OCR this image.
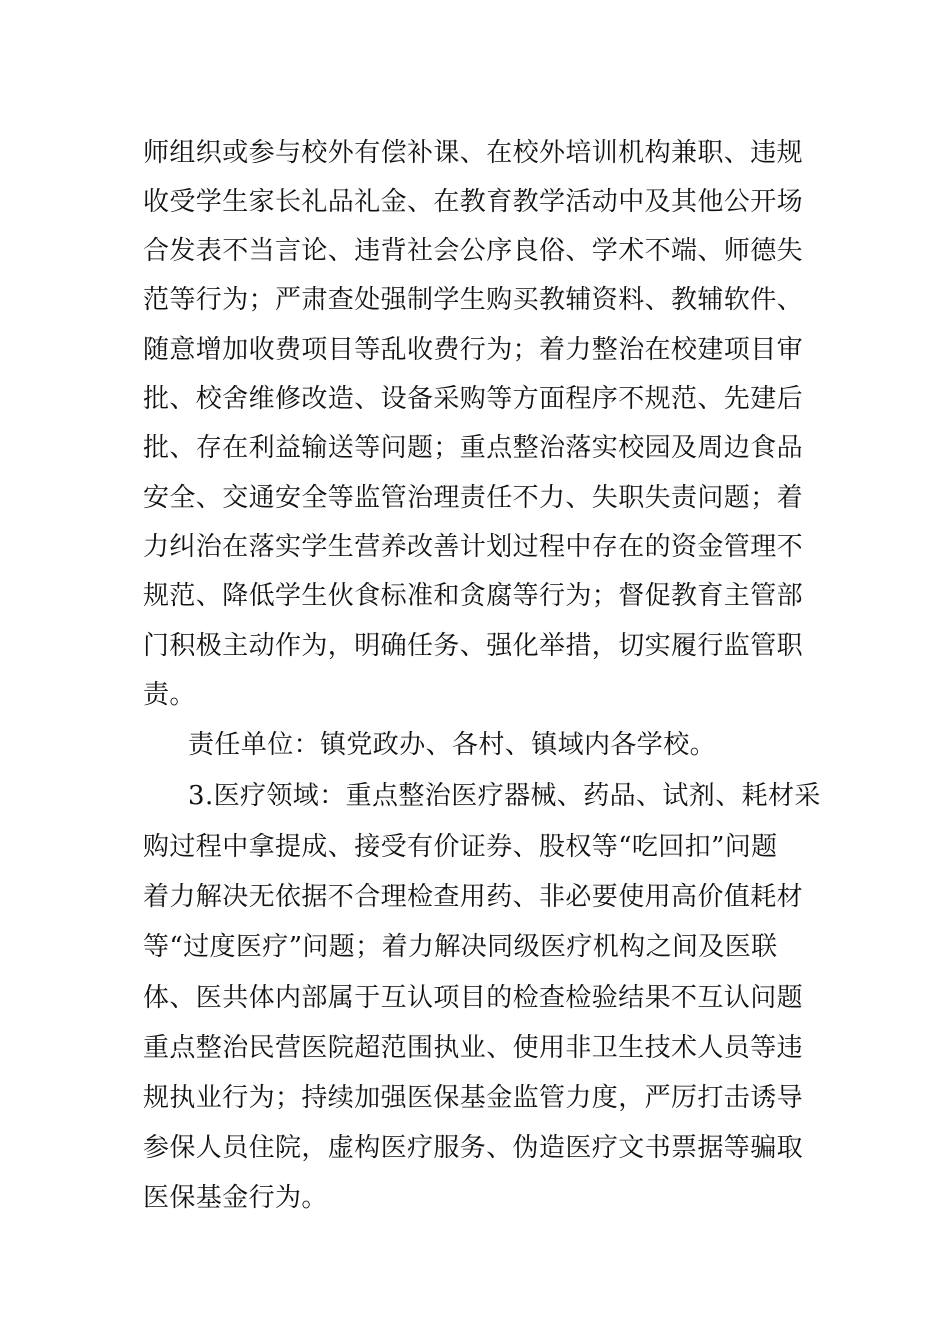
师组织或参与校外有偿补课、在校外培训机构兼职、违规
收受学生家长礼品礼金、在教育教学活动中及其他公开场
合发表不当言论、违背社会公序良俗、学术不端、师德失
范等行为；严肃查处强制学生购买教辅资料、教辅软件、
随意增加收费项目等乱收费行为；着力整治在校建项目审
批、校舍维修改造、设备采购等方面程序不规范、先建后
批、存在利益输送等问题；重点整治落实校园及周边食品
安全、交通安全等监管治理责任不力、失职失责问题；着
力纠治在落实学生营养改善计划过程中存在的资金管理不
规范、降低学生伙食标准和贪腐等行为；督促教育主管部
门积极主动作为，明确任务、强化举措，切实履行监管职
责。
责任单位：镇党政办、各村、镇域内各学校。
3.医疗领域：重点整治医疗器械、药品、试剂、耗材采
购过程中拿提成、接受有价证券、股权等“吃回扣”问题
着力解决无依据不合理检查用药、非必要使用高价值耗材
等“过度医疗”问题；着力解决同级医疗机构之间及医联
体、医共体内部属于互认项目的检查检验结果不互认问题
重点整治民营医院超范围执业、使用非卫生技术人员等违
规执业行为；持续加强医保基金监管力度，严厉打击诱导
参保人员住院，虚构医疗服务、伪造医疗文书票据等骗取
医保基金行为。
